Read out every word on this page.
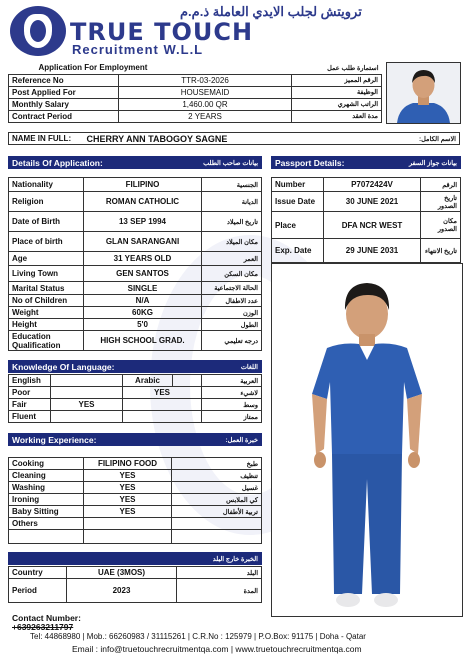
ترويتش لجلب الايدي العاملة ذ.م.م
TRUE TOUCH
Recruitment W.L.L
Application For Employment		استمارة طلب عمل
Reference No	TTR-03-2026	الرقم المميز
Post Applied For	HOUSEMAID	الوظيفة
Monthly Salary	1,460.00 QR	الراتب الشهري
Contract Period	2 YEARS	مدة العقد
NAME IN FULL:	CHERRY ANN TABOGOY SAGNE	الاسم الكامل:
Details Of Application:	بيانات صاحب الطلب Passport Details:	بيانات جواز السفر
Nationality	FILIPINO	الجنسية
Religion	ROMAN CATHOLIC	الديانة
Date of Birth	13 SEP 1994	تاريخ الميلاد
Place of birth	GLAN SARANGANI	مكان الميلاد
Age	31 YEARS OLD	العمر
Living Town	GEN SANTOS	مكان السكن
Marital Status	SINGLE	الحالة الاجتماعية
No of Children	N/A	عدد الاطفال
Weight	60KG	الوزن
Height	5'0	الطول
Education Qualification	HIGH SCHOOL GRAD.	درجه تعليمي
Number	P7072424V	الرقم
Issue Date	30 JUNE 2021	تاريخ الصدور
Place	DFA NCR WEST	مكان الصدور
Exp. Date	29 JUNE 2031	تاريخ الانتهاء
Knowledge Of Language:	اللغات
English		Arabic		العربية
Poor		YES		لاشيء
Fair	YES			وسط
Fluent				ممتاز
Working Experience:	خبرة العمل:
Cooking	FILIPINO FOOD	طبخ
Cleaning	YES	تنظيف
Washing	YES	غسيل
Ironing	YES	كي الملابس
Baby Sitting	YES	تربية الأطفال
Others		

الخبرة خارج البلد
Country	UAE (3MOS)	البلد
Period	2023	المدة
Contact Number:
+639263211797
Tel: 44868980 | Mob.: 66260983 / 31115261 | C.R.No : 125979 | P.O.Box: 91175 | Doha - Qatar
Email : info@truetouchrecruitmentqa.com | www.truetouchrecruitmentqa.com
